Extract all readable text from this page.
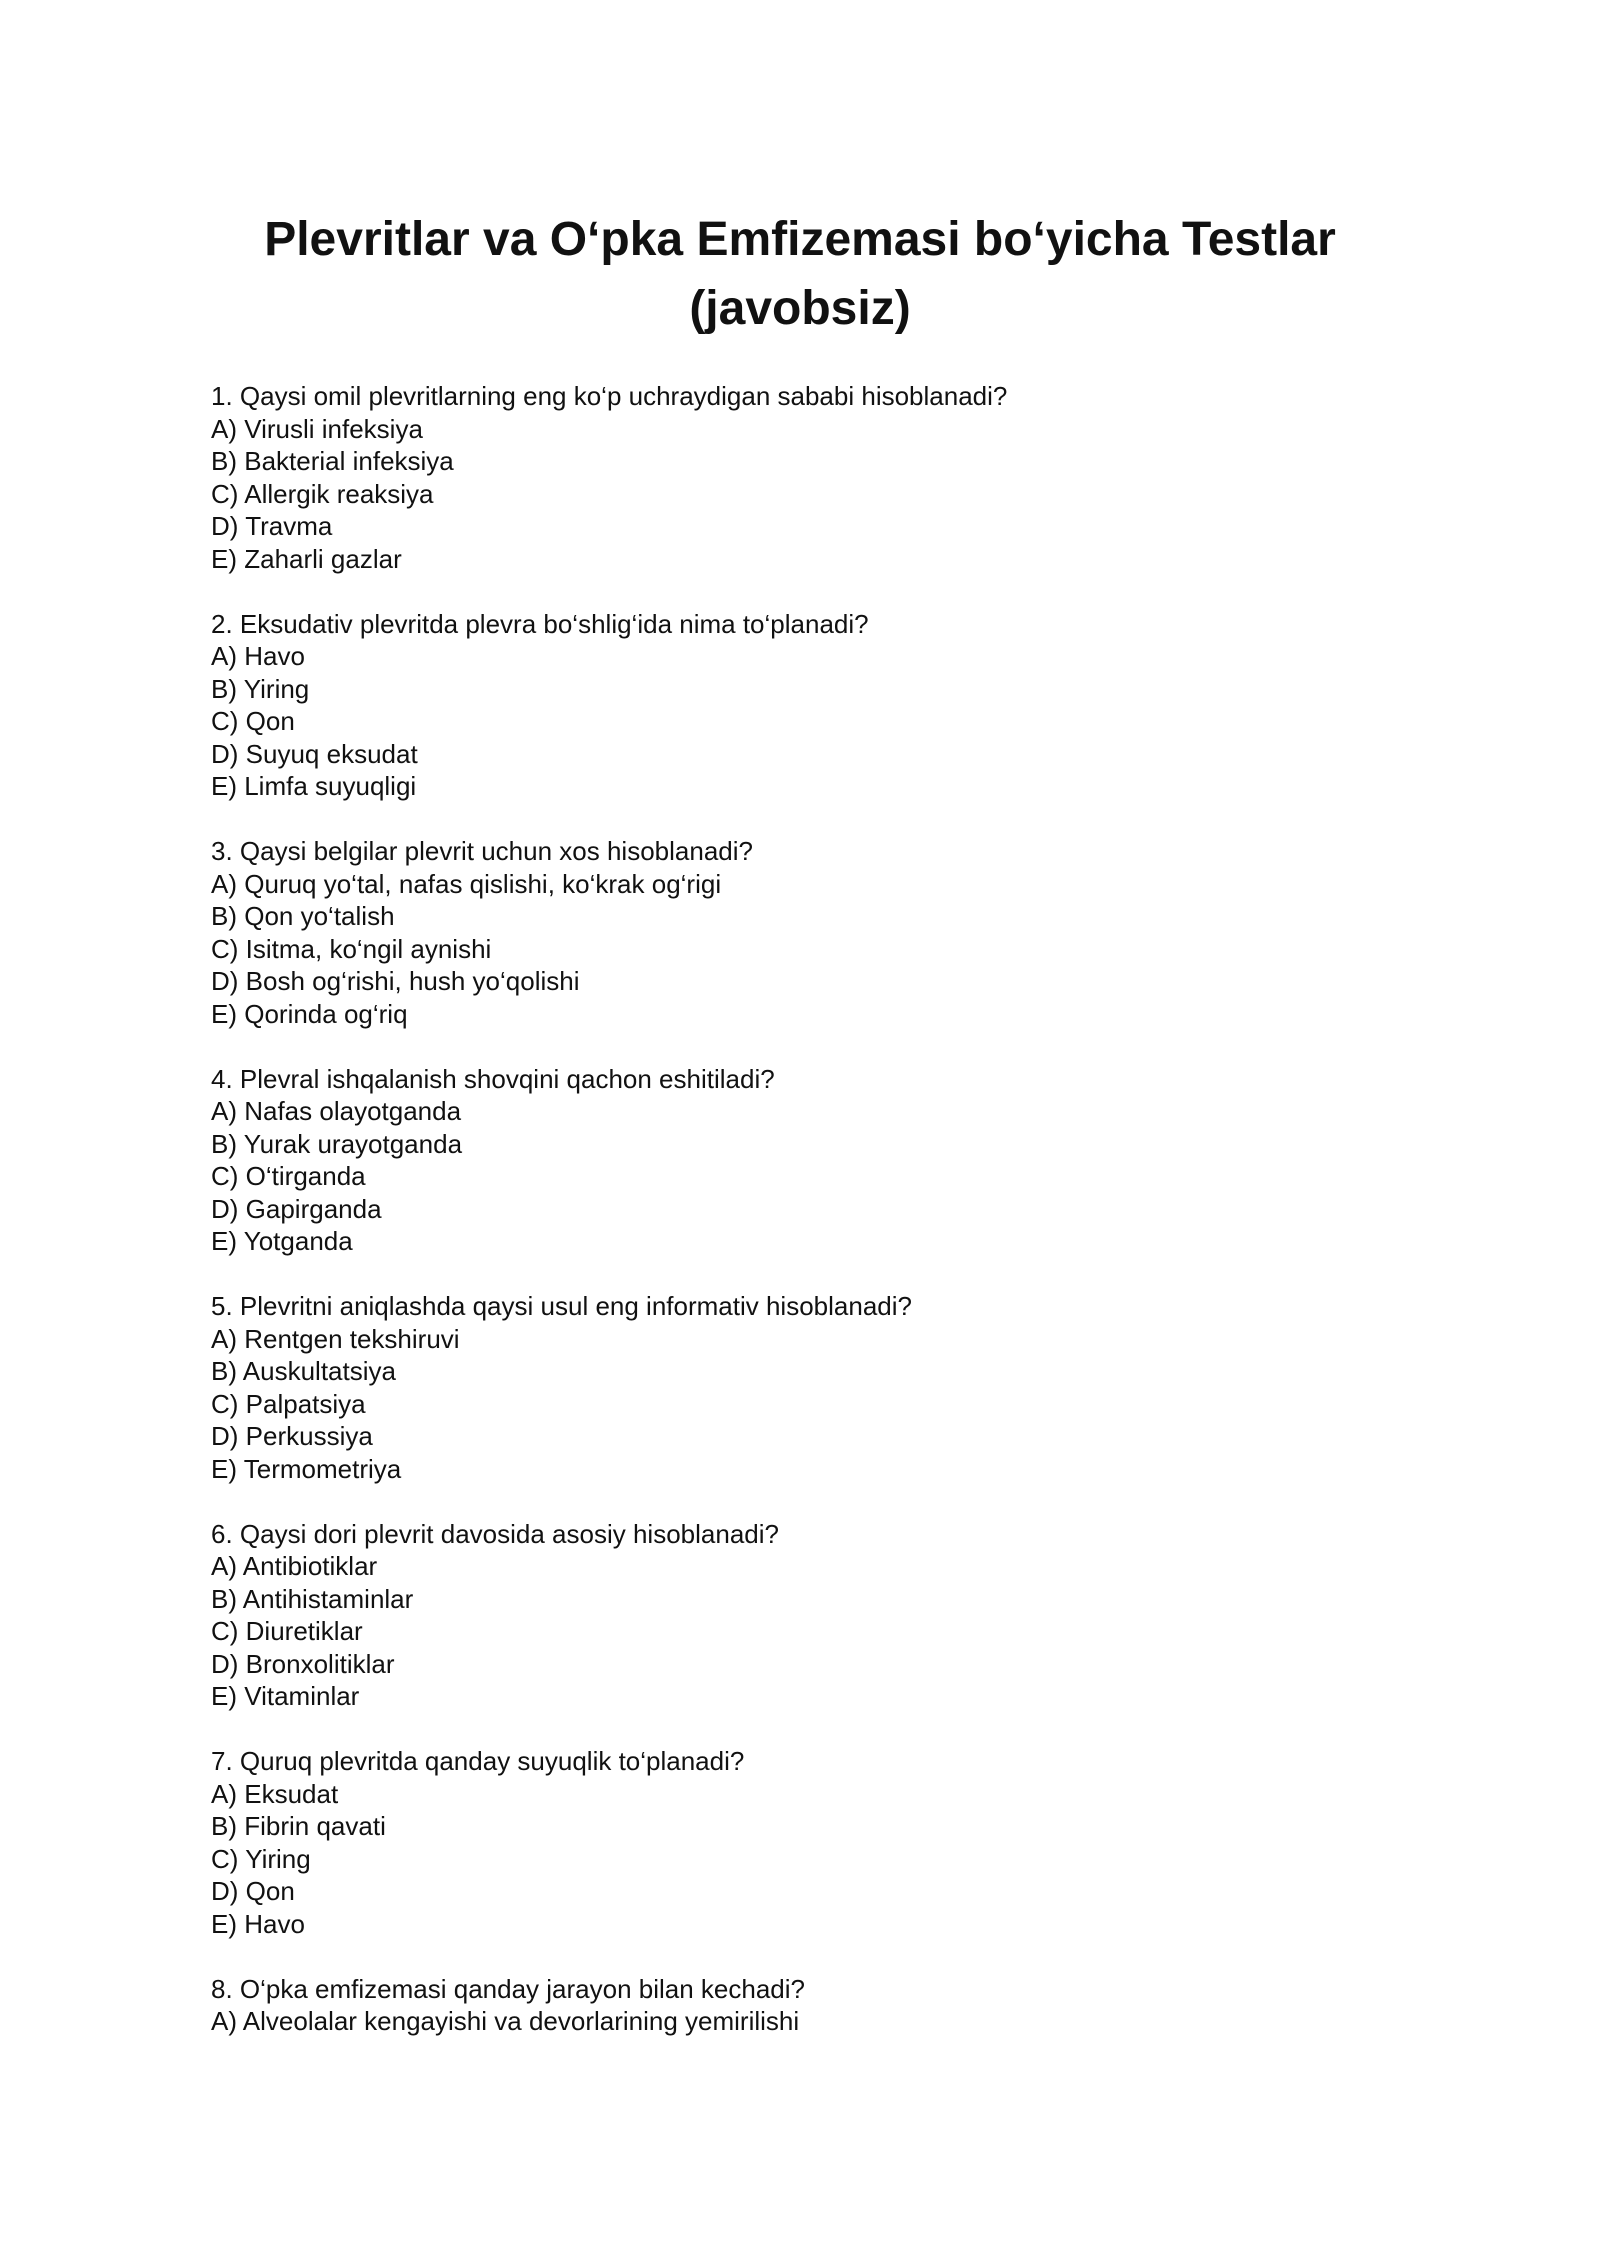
Plevritlar va O‘pka Emfizemasi bo‘yicha Testlar
(javobsiz)

1. Qaysi omil plevritlarning eng ko‘p uchraydigan sababi hisoblanadi?

A) Virusli infeksiya

B) Bakterial infeksiya

C) Allergik reaksiya

D) Travma

E) Zaharli gazlar

2. Eksudativ plevritda plevra bo‘shlig‘ida nima to‘planadi?

A) Havo

B) Yiring

C) Qon

D) Suyuq eksudat

E) Limfa suyuqligi

3. Qaysi belgilar plevrit uchun xos hisoblanadi?

A) Quruq yo‘tal, nafas qislishi, ko‘krak og‘rigi

B) Qon yo‘talish

C) Isitma, ko‘ngil aynishi

D) Bosh og‘rishi, hush yo‘qolishi

E) Qorinda og‘riq

4. Plevral ishqalanish shovqini qachon eshitiladi?

A) Nafas olayotganda

B) Yurak urayotganda

C) O‘tirganda

D) Gapirganda

E) Yotganda

5. Plevritni aniqlashda qaysi usul eng informativ hisoblanadi?

A) Rentgen tekshiruvi

B) Auskultatsiya

C) Palpatsiya

D) Perkussiya

E) Termometriya

6. Qaysi dori plevrit davosida asosiy hisoblanadi?

A) Antibiotiklar

B) Antihistaminlar

C) Diuretiklar

D) Bronxolitiklar

E) Vitaminlar

7. Quruq plevritda qanday suyuqlik to‘planadi?

A) Eksudat

B) Fibrin qavati

C) Yiring

D) Qon

E) Havo

8. O‘pka emfizemasi qanday jarayon bilan kechadi?

A) Alveolalar kengayishi va devorlarining yemirilishi
